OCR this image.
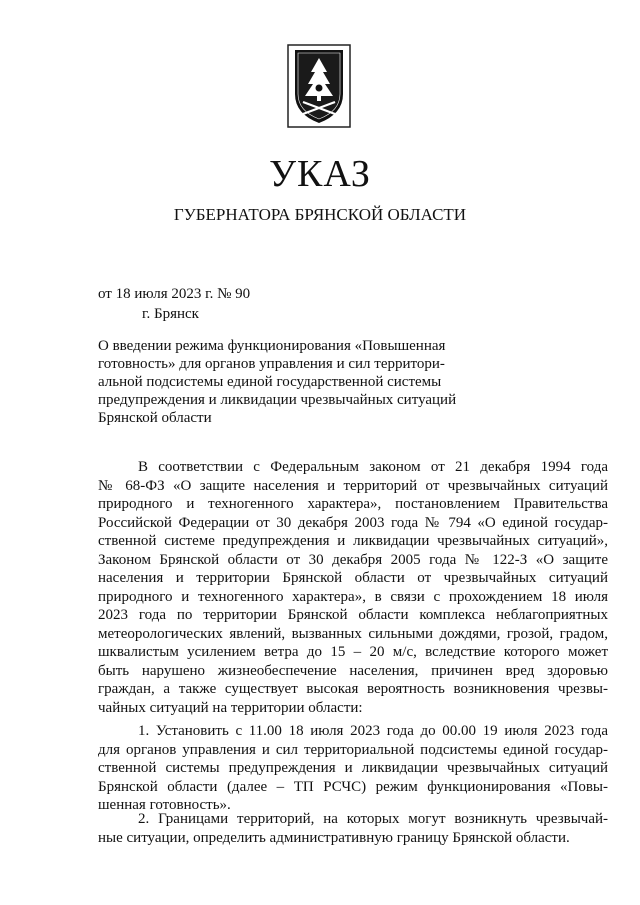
УКАЗ
ГУБЕРНАТОРА БРЯНСКОЙ ОБЛАСТИ
от 18 июля 2023 г. № 90
г. Брянск
О введении режима функционирования «Повышенная
готовность» для органов управления и сил территори-
альной подсистемы единой государственной системы
предупреждения и ликвидации чрезвычайных ситуаций
Брянской области
В соответствии с Федеральным законом от 21 декабря 1994 года
№ 68-ФЗ «О защите населения и территорий от чрезвычайных ситуаций
природного и техногенного характера», постановлением Правительства
Российской Федерации от 30 декабря 2003 года № 794 «О единой государ-
ственной системе предупреждения и ликвидации чрезвычайных ситуаций»,
Законом Брянской области от 30 декабря 2005 года № 122-З «О защите
населения и территории Брянской области от чрезвычайных ситуаций
природного и техногенного характера», в связи с прохождением 18 июля
2023 года по территории Брянской области комплекса неблагоприятных
метеорологических явлений, вызванных сильными дождями, грозой, градом,
шквалистым усилением ветра до 15 – 20 м/с, вследствие которого может
быть нарушено жизнеобеспечение населения, причинен вред здоровью
граждан, а также существует высокая вероятность возникновения чрезвы-
чайных ситуаций на территории области:
1. Установить с 11.00 18 июля 2023 года до 00.00 19 июля 2023 года
для органов управления и сил территориальной подсистемы единой государ-
ственной системы предупреждения и ликвидации чрезвычайных ситуаций
Брянской области (далее – ТП РСЧС) режим функционирования «Повы-
шенная готовность».
2. Границами территорий, на которых могут возникнуть чрезвычай-
ные ситуации, определить административную границу Брянской области.
